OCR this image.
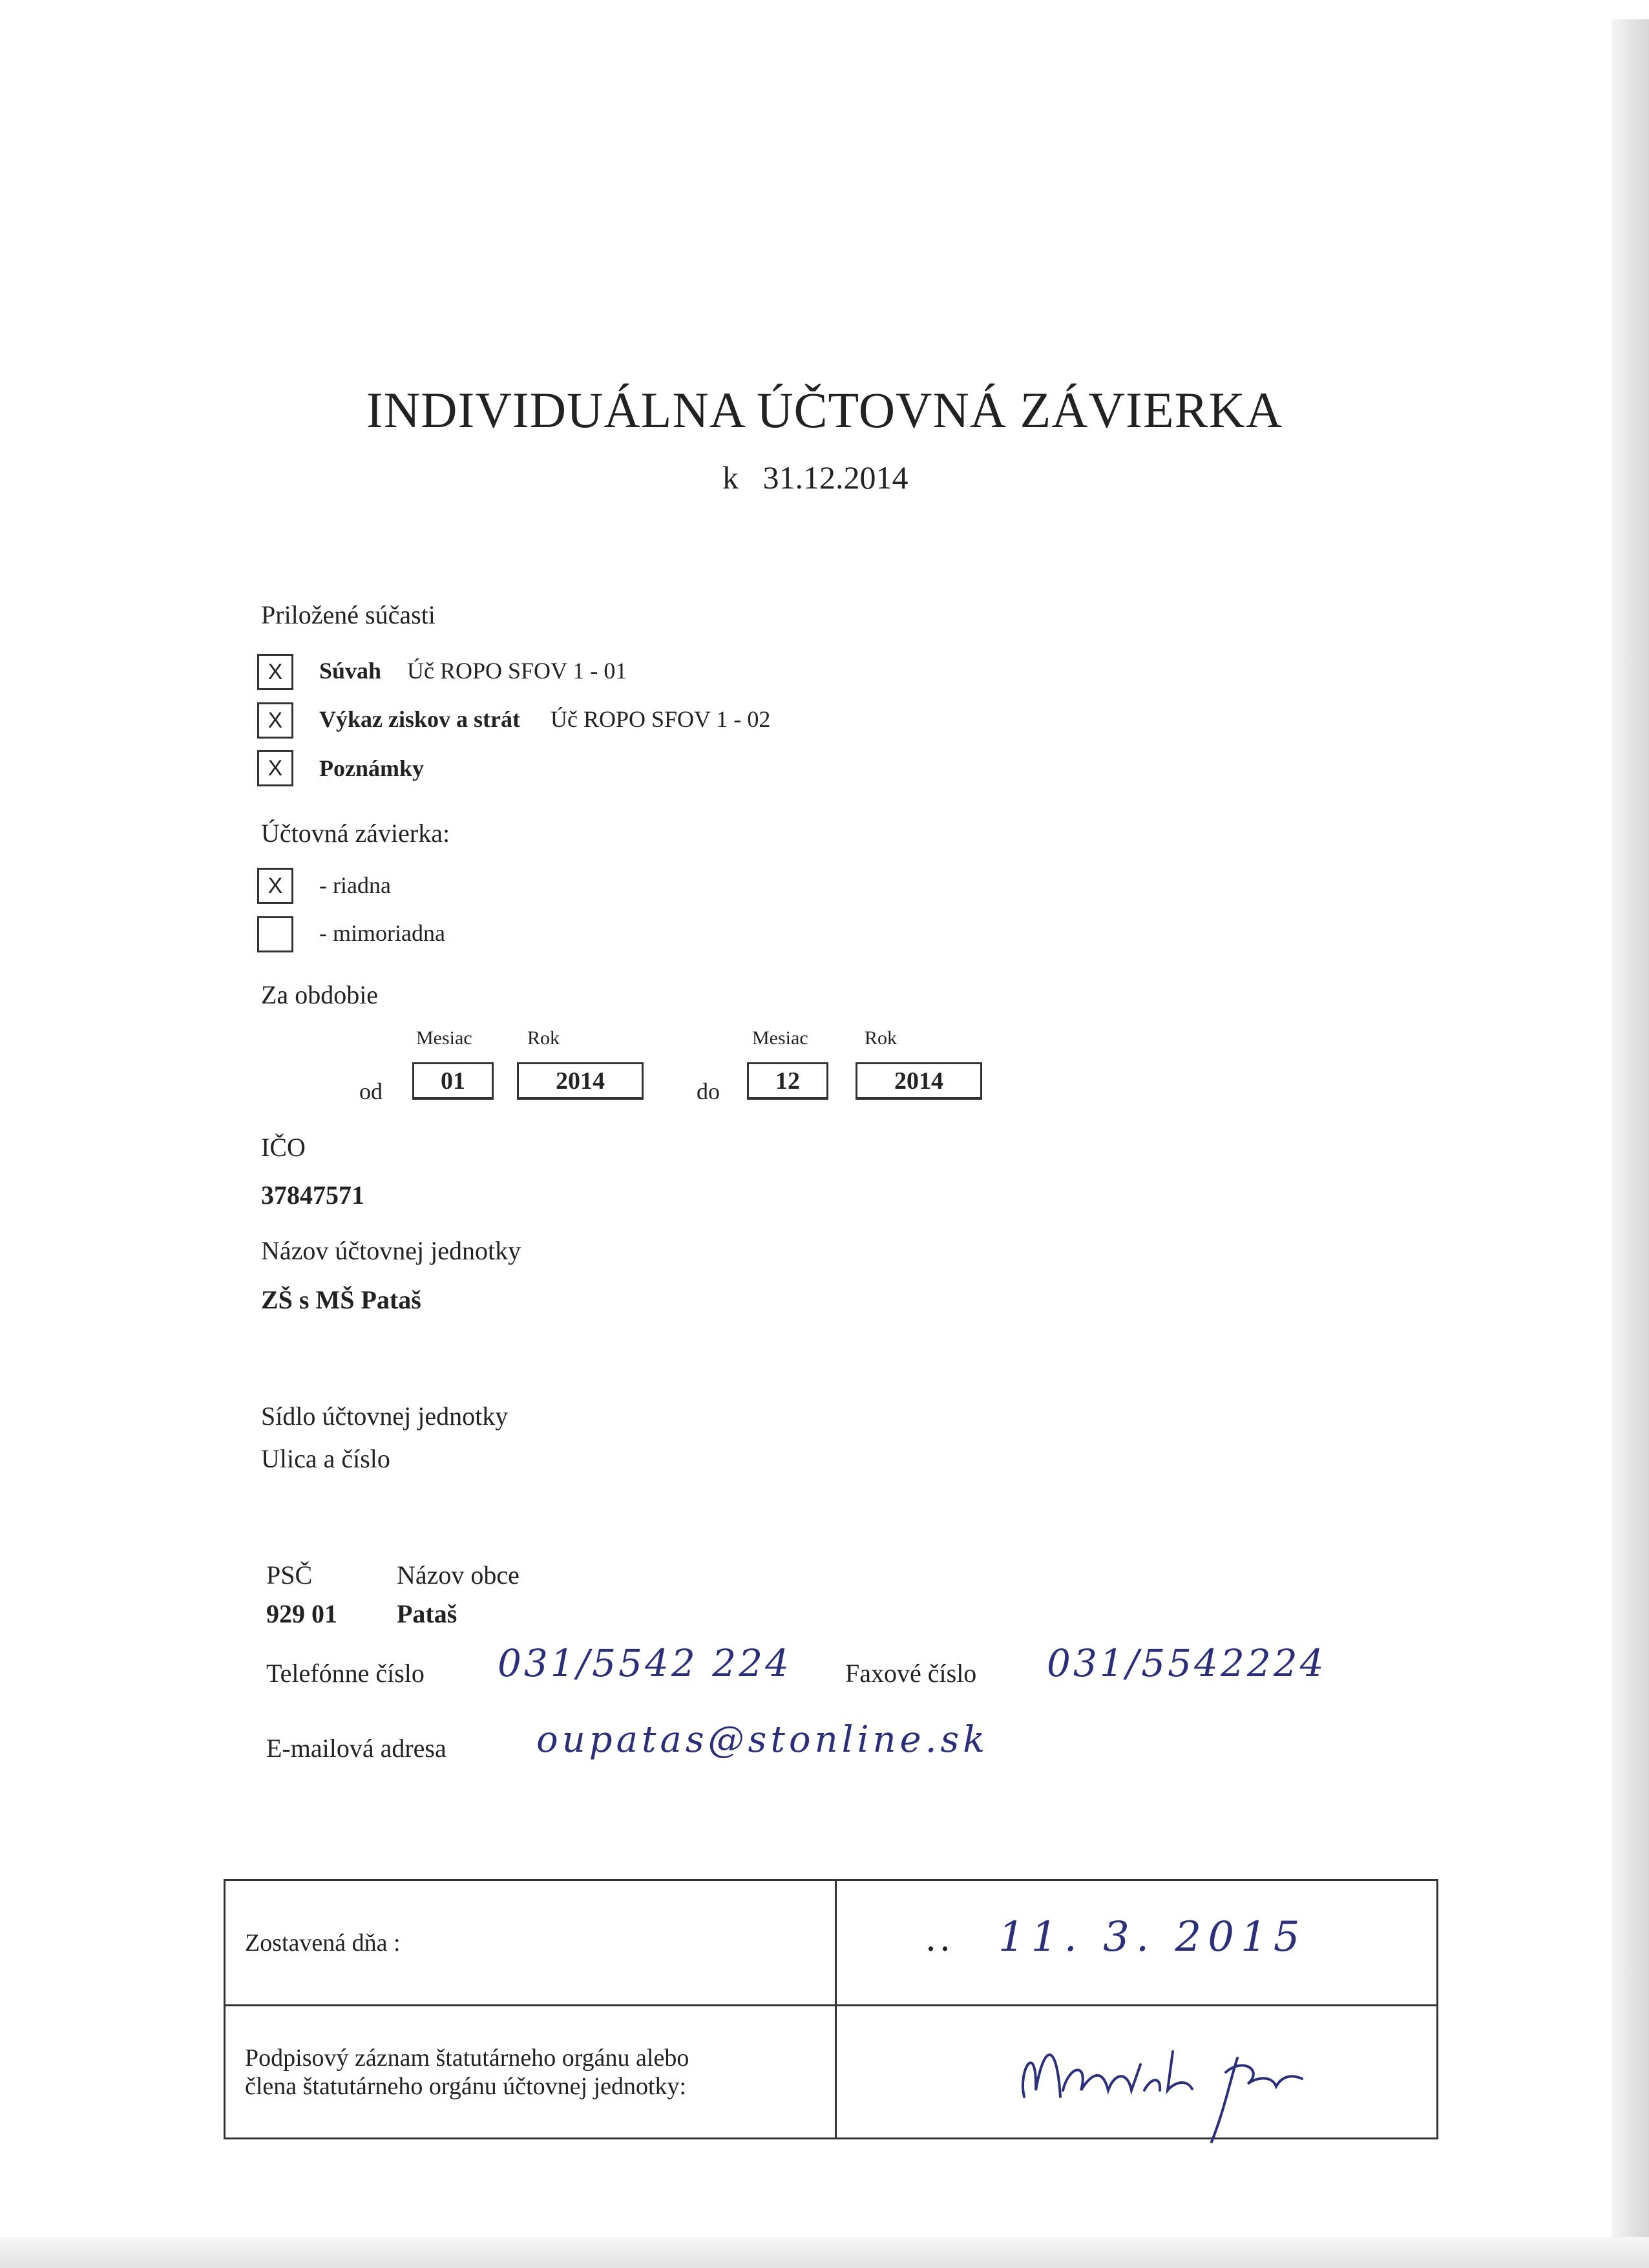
INDIVIDUÁLNA ÚČTOVNÁ ZÁVIERKA
k   31.12.2014
Priložené súčasti
X	Súvah Úč ROPO SFOV 1 - 01
X	Výkaz ziskov a strát Úč ROPO SFOV 1 - 02
X	Poznámky
Účtovná závierka:
X	- riadna
- mimoriadna
Za obdobie
Mesiac	Rok	Mesiac	Rok
od	01	2014	do	12	2014
IČO
37847571
Názov účtovnej jednotky
ZŠ s MŠ Pataš
Sídlo účtovnej jednotky
Ulica a číslo
PSČ	Názov obce
929 01 Pataš
Telefónne číslo 031/5542 224 Faxové číslo 031/5542224
E-mailová adresa oupatas@stonline.sk
Zostavená dňa :	. . 11. 3. 2015

Podpisový záznam štatutárneho orgánu alebo
člena štatutárneho orgánu účtovnej jednotky:
